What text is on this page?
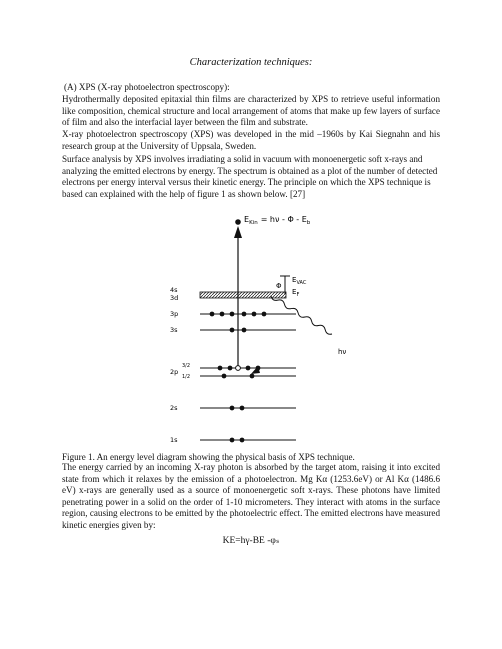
Characterization techniques:

(A) XPS (X-ray photoelectron spectroscopy):

Hydrothermally deposited epitaxial thin films are characterized by XPS to retrieve useful information like composition, chemical structure and local arrangement of atoms that make up few layers of surface of film and also the interfacial layer between the film and substrate.

X-ray photoelectron spectroscopy (XPS) was developed in the mid –1960s by Kai Siegnahn and his research group at the University of Uppsala, Sweden.

Surface analysis by XPS involves irradiating a solid in vacuum with monoenergetic soft x-rays and analyzing the emitted electrons by energy. The spectrum is obtained as a plot of the number of detected electrons per energy interval versus their kinetic energy. The principle on which the XPS technique is based can explained with the help of figure 1 as shown below. [27]

$E_{Kin} = h\nu - \Phi - E_b$
Φ
$E_{VAC}$
$E_F$
4s
3d
3p
3s
hν
2p
3/2
1/2
2s
1s
Figure 1. An energy level diagram showing the physical basis of XPS technique.

The energy carried by an incoming X-ray photon is absorbed by the target atom, raising it into excited state from which it relaxes by the emission of a photoelectron. Mg Kα (1253.6eV) or Al Kα (1486.6 eV) x-rays are generally used as a source of monoenergetic soft x-rays. These photons have limited penetrating power in a solid on the order of 1-10 micrometers. They interact with atoms in the surface region, causing electrons to be emitted by the photoelectric effect. The emitted electrons have measured kinetic energies given by:

KE=hγ-BE -φₛ
